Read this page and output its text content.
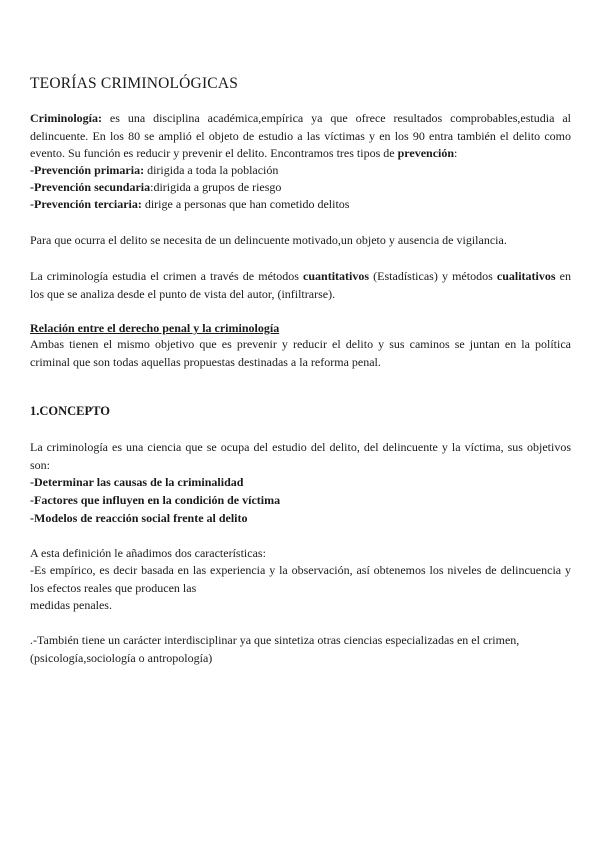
TEORÍAS CRIMINOLÓGICAS

Criminología: es una disciplina académica,empírica ya que ofrece resultados comprobables,estudia al delincuente. En los 80 se amplió el objeto de estudio a las víctimas y en los 90 entra también el delito como evento. Su función es reducir y prevenir el delito. Encontramos tres tipos de prevención:

-Prevención primaria: dirigida a toda la población

-Prevención secundaria:dirigida a grupos de riesgo

-Prevención terciaria: dirige a personas que han cometido delitos

Para que ocurra el delito se necesita de un delincuente motivado,un objeto y ausencia de vigilancia.

La criminología estudia el crimen a través de métodos cuantitativos (Estadísticas) y métodos cualitativos en los que se analiza desde el punto de vista del autor, (infiltrarse).

Relación entre el derecho penal y la criminología

Ambas tienen el mismo objetivo que es prevenir y reducir el delito y sus caminos se juntan en la política criminal que son todas aquellas propuestas destinadas a la reforma penal.

1.CONCEPTO

La criminología es una ciencia que se ocupa del estudio del delito, del delincuente y la víctima, sus objetivos son:

-Determinar las causas de la criminalidad

-Factores que influyen en la condición de víctima

-Modelos de reacción social frente al delito

A esta definición le añadimos dos características:

-Es empírico, es decir basada en las experiencia y la observación, así obtenemos los niveles de delincuencia y los efectos reales que producen las

medidas penales.

.-También tiene un carácter interdisciplinar ya que sintetiza otras ciencias especializadas en el crimen, (psicología,sociología o antropología)
